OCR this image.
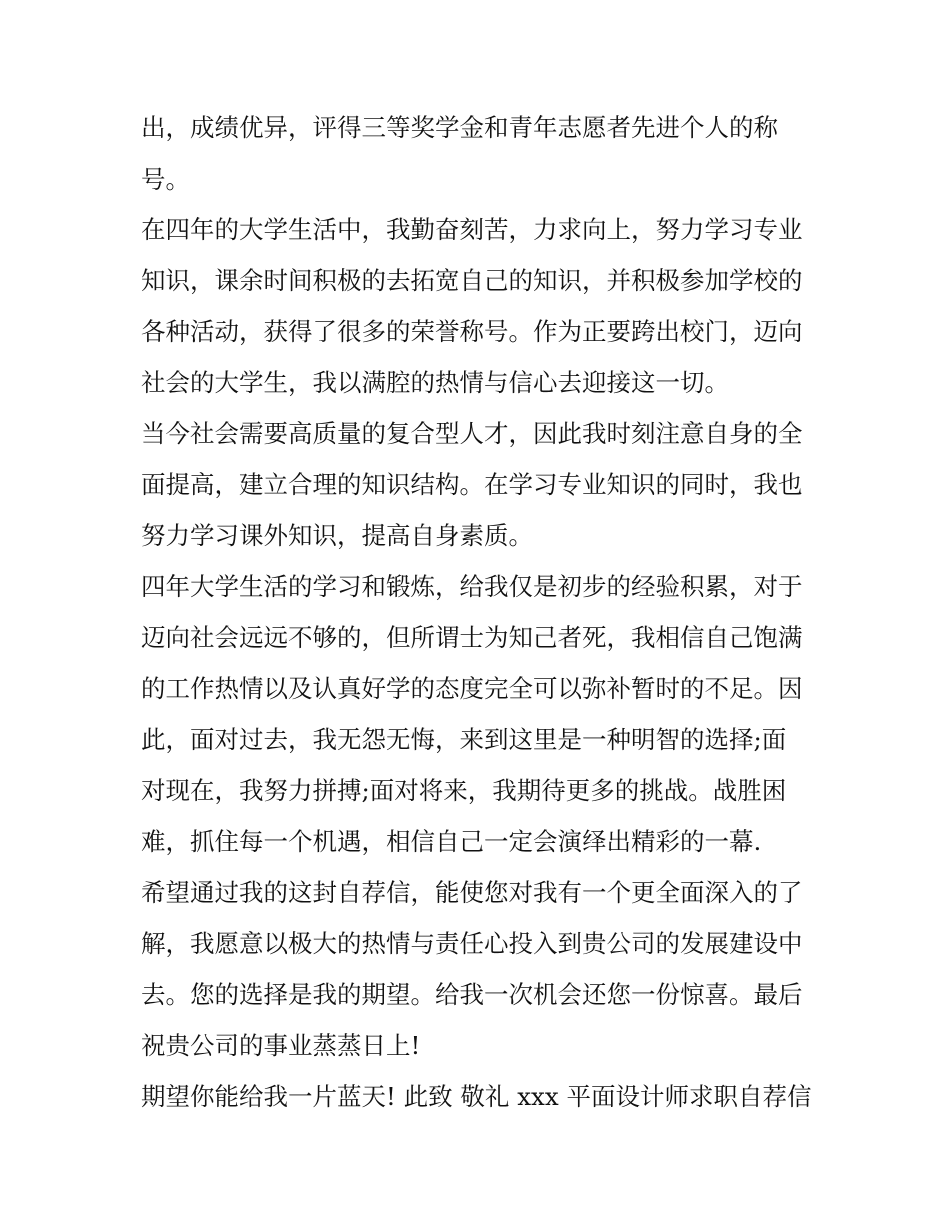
出，成绩优异，评得三等奖学金和青年志愿者先进个人的称
号。
在四年的大学生活中，我勤奋刻苦，力求向上，努力学习专业
知识，课余时间积极的去拓宽自己的知识，并积极参加学校的
各种活动，获得了很多的荣誉称号。作为正要跨出校门，迈向
社会的大学生，我以满腔的热情与信心去迎接这一切。
当今社会需要高质量的复合型人才，因此我时刻注意自身的全
面提高，建立合理的知识结构。在学习专业知识的同时，我也
努力学习课外知识，提高自身素质。
四年大学生活的学习和锻炼，给我仅是初步的经验积累，对于
迈向社会远远不够的，但所谓士为知己者死，我相信自己饱满
的工作热情以及认真好学的态度完全可以弥补暂时的不足。因
此，面对过去，我无怨无悔，来到这里是一种明智的选择;面
对现在，我努力拼搏;面对将来，我期待更多的挑战。战胜困
难，抓住每一个机遇，相信自己一定会演绎出精彩的一幕.
希望通过我的这封自荐信，能使您对我有一个更全面深入的了
解，我愿意以极大的热情与责任心投入到贵公司的发展建设中
去。您的选择是我的期望。给我一次机会还您一份惊喜。最后
祝贵公司的事业蒸蒸日上!
期望你能给我一片蓝天! 此致 敬礼 xxx 平面设计师求职自荐信
